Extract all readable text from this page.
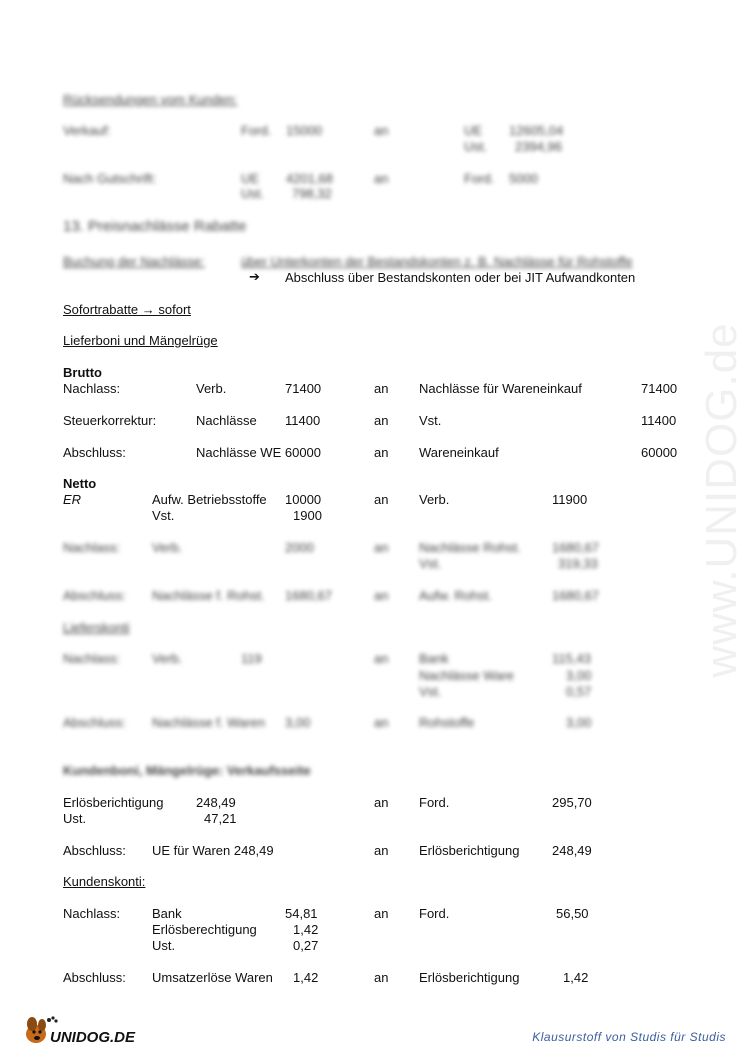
www.UNIDOG.de
Rücksendungen vom Kunden:
Verkauf:	Ford. 15000	an	UE 12605,04
Ust. 2394,96
Nach Gutschrift:	UE 4201,68	an	Ford. 5000
Ust. 798,32
13. Preisnachlässe Rabatte
Buchung der Nachlässe:	über Unterkonten der Bestandskonten z. B. Nachlässe für Rohstoffe
➔ Abschluss über Bestandskonten oder bei JIT Aufwandkonten
Sofortrabatte → sofort
Lieferboni und Mängelrüge
Brutto
Nachlass:	Verb.	71400	an Nachlässe für Wareneinkauf	71400
Steuerkorrektur:	Nachlässe 11400	an Vst.	11400
Abschluss:	Nachlässe WE 60000	an Wareneinkauf	60000
Netto
ER	Aufw. Betriebsstoffe 10000	an Verb.	11900
Vst.	1900
Nachlass: Verb.	2000	an Nachlässe Rohst. 1680,67
Vst.	319,33
Abschluss: Nachlässe f. Rohst. 1680,67	an Aufw. Rohst.	1680,67
Lieferskonti
Nachlass: Verb.	119	an Bank	115,43
Nachlässe Ware	3,00
Vst.	0,57
Abschluss: Nachlässe f. Waren 3,00	an Rohstoffe	3,00
Kundenboni, Mängelrüge: Verkaufsseite
Erlösberichtigung	248,49	an Ford.	295,70
Ust.	47,21
Abschluss: UE für Waren 248,49	an Erlösberichtigung	248,49
Kundenskonti:
Nachlass: Bank	54,81	an Ford.	56,50
Erlösberechtigung	1,42
Ust.	0,27
Abschluss: Umsatzerlöse Waren 1,42	an Erlösberichtigung	1,42
UNIDOG.DE	Klausurstoff von Studis für Studis
